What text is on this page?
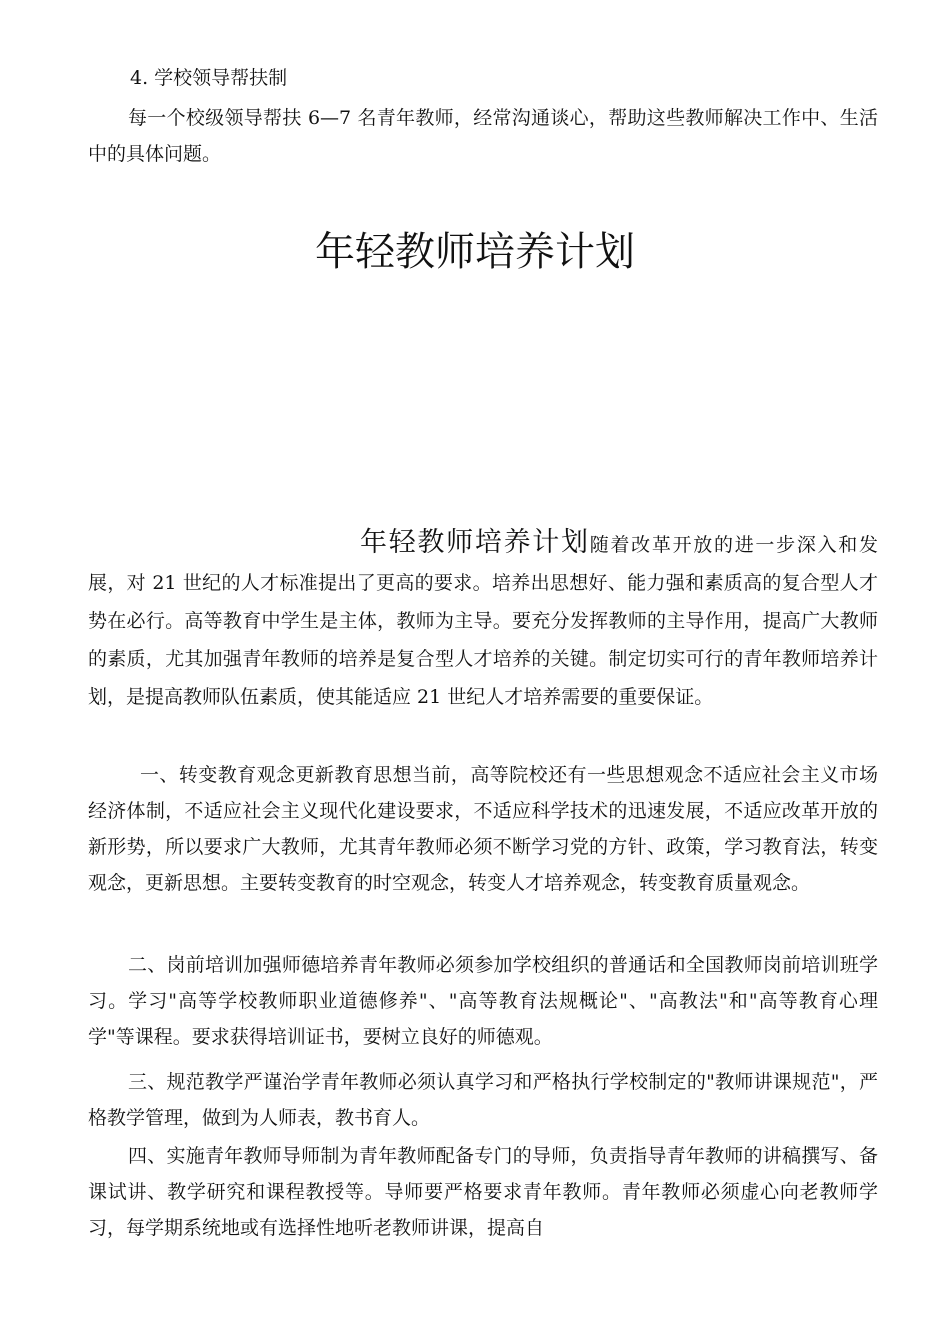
4. 学校领导帮扶制

每一个校级领导帮扶 6—7 名青年教师，经常沟通谈心，帮助这些教师解决工作中、生活中的具体问题。

年轻教师培养计划

年轻教师培养计划随着改革开放的进一步深入和发展，对 21 世纪的人才标准提出了更高的要求。培养出思想好、能力强和素质高的复合型人才势在必行。高等教育中学生是主体，教师为主导。要充分发挥教师的主导作用，提高广大教师的素质，尤其加强青年教师的培养是复合型人才培养的关键。制定切实可行的青年教师培养计划，是提高教师队伍素质，使其能适应 21 世纪人才培养需要的重要保证。

一、转变教育观念更新教育思想当前，高等院校还有一些思想观念不适应社会主义市场经济体制，不适应社会主义现代化建设要求，不适应科学技术的迅速发展，不适应改革开放的新形势，所以要求广大教师，尤其青年教师必须不断学习党的方针、政策，学习教育法，转变观念，更新思想。主要转变教育的时空观念，转变人才培养观念，转变教育质量观念。

二、岗前培训加强师德培养青年教师必须参加学校组织的普通话和全国教师岗前培训班学习。学习"高等学校教师职业道德修养"、"高等教育法规概论"、"高教法"和"高等教育心理学"等课程。要求获得培训证书，要树立良好的师德观。

三、规范教学严谨治学青年教师必须认真学习和严格执行学校制定的"教师讲课规范"，严格教学管理，做到为人师表，教书育人。

四、实施青年教师导师制为青年教师配备专门的导师，负责指导青年教师的讲稿撰写、备课试讲、教学研究和课程教授等。导师要严格要求青年教师。青年教师必须虚心向老教师学习，每学期系统地或有选择性地听老教师讲课，提高自
